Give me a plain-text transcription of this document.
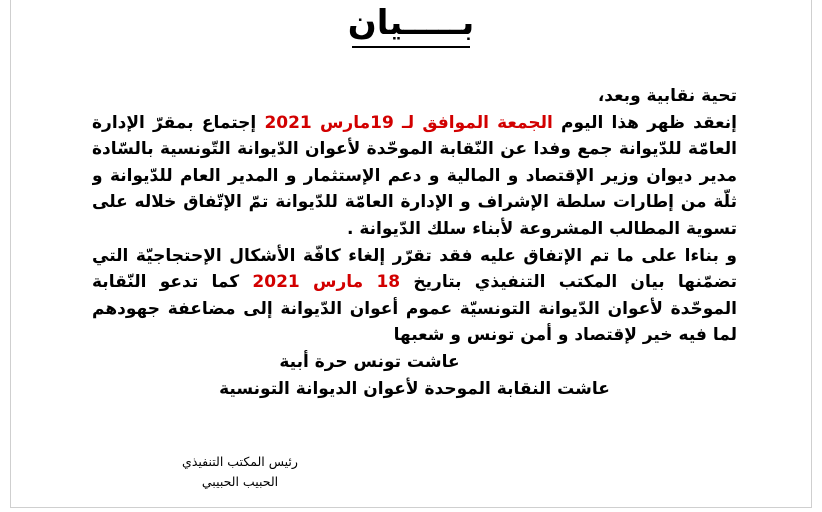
بـــــيان
تحية نقابية وبعد،
إنعقد ظهر هذا اليوم الجمعة الموافق لـ 19مارس 2021 إجتماع بمقرّ الإدارة
العامّة للدّيوانة جمع وفدا عن النّقابة الموحّدة لأعوان الدّيوانة التّونسية بالسّادة
مدير ديوان وزير الإقتصاد و المالية و دعم الإستثمار و المدير العام للدّيوانة و
ثلّة من إطارات سلطة الإشراف و الإدارة العامّة للدّيوانة تمّ الإتّفاق خلاله على
تسوية المطالب المشروعة لأبناء سلك الدّيوانة .
و بناءا على ما تم الإتفاق عليه فقد تقرّر إلغاء كافّة الأشكال الإحتجاجيّة التي
تضمّنها بيان المكتب التنفيذي بتاريخ 18 مارس 2021 كما تدعو النّقابة
الموحّدة لأعوان الدّيوانة التونسيّة عموم أعوان الدّيوانة إلى مضاعفة جهودهم
لما فيه خير لإقتصاد و أمن تونس و شعبها
عاشت تونس حرة أبية
عاشت النقابة الموحدة لأعوان الديوانة التونسية
رئيس المكتب التنفيذي
الحبيب الحبيبي
